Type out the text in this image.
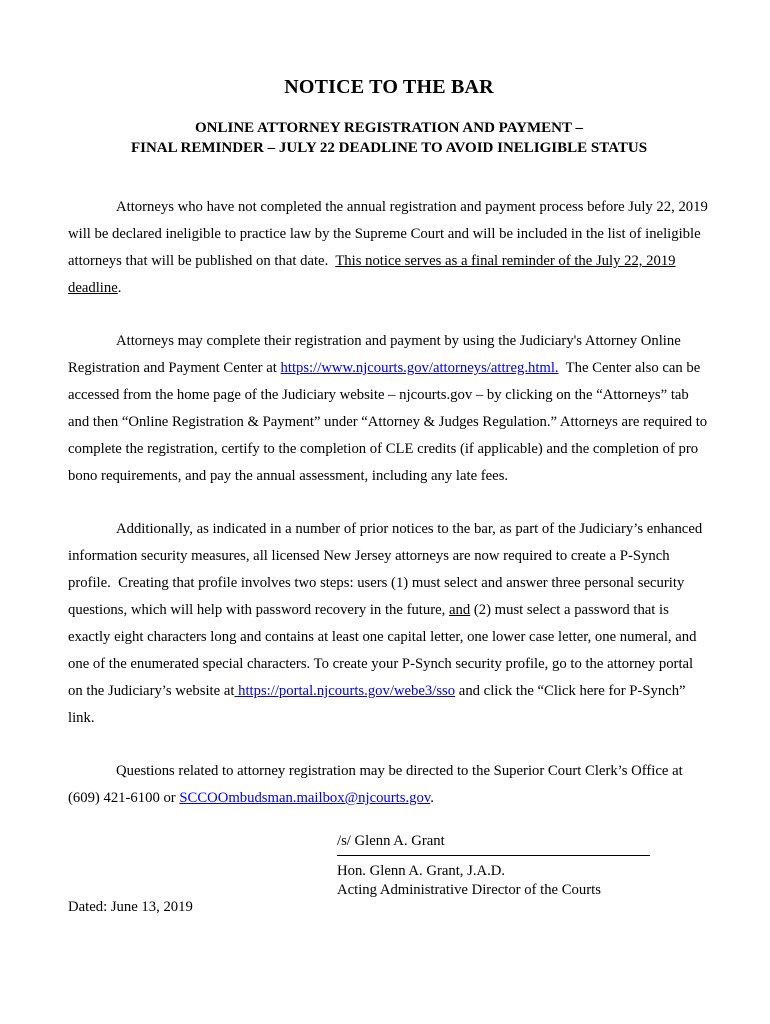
NOTICE TO THE BAR
ONLINE ATTORNEY REGISTRATION AND PAYMENT –
FINAL REMINDER – JULY 22 DEADLINE TO AVOID INELIGIBLE STATUS

Attorneys who have not completed the annual registration and payment process before July 22, 2019 will be declared ineligible to practice law by the Supreme Court and will be included in the list of ineligible attorneys that will be published on that date.  This notice serves as a final reminder of the July 22, 2019 deadline.

Attorneys may complete their registration and payment by using the Judiciary's Attorney Online Registration and Payment Center at https://www.njcourts.gov/attorneys/attreg.html.  The Center also can be accessed from the home page of the Judiciary website – njcourts.gov – by clicking on the “Attorneys” tab and then “Online Registration & Payment” under “Attorney & Judges Regulation.” Attorneys are required to complete the registration, certify to the completion of CLE credits (if applicable) and the completion of pro bono requirements, and pay the annual assessment, including any late fees.

Additionally, as indicated in a number of prior notices to the bar, as part of the Judiciary’s enhanced information security measures, all licensed New Jersey attorneys are now required to create a P-Synch profile.  Creating that profile involves two steps: users (1) must select and answer three personal security questions, which will help with password recovery in the future, and (2) must select a password that is exactly eight characters long and contains at least one capital letter, one lower case letter, one numeral, and one of the enumerated special characters. To create your P-Synch security profile, go to the attorney portal on the Judiciary’s website at https://portal.njcourts.gov/webe3/sso and click the “Click here for P-Synch” link.

Questions related to attorney registration may be directed to the Superior Court Clerk’s Office at (609) 421-6100 or SCCOOmbudsman.mailbox@njcourts.gov.

/s/ Glenn A. Grant
Hon. Glenn A. Grant, J.A.D.
Acting Administrative Director of the Courts
Dated: June 13, 2019
